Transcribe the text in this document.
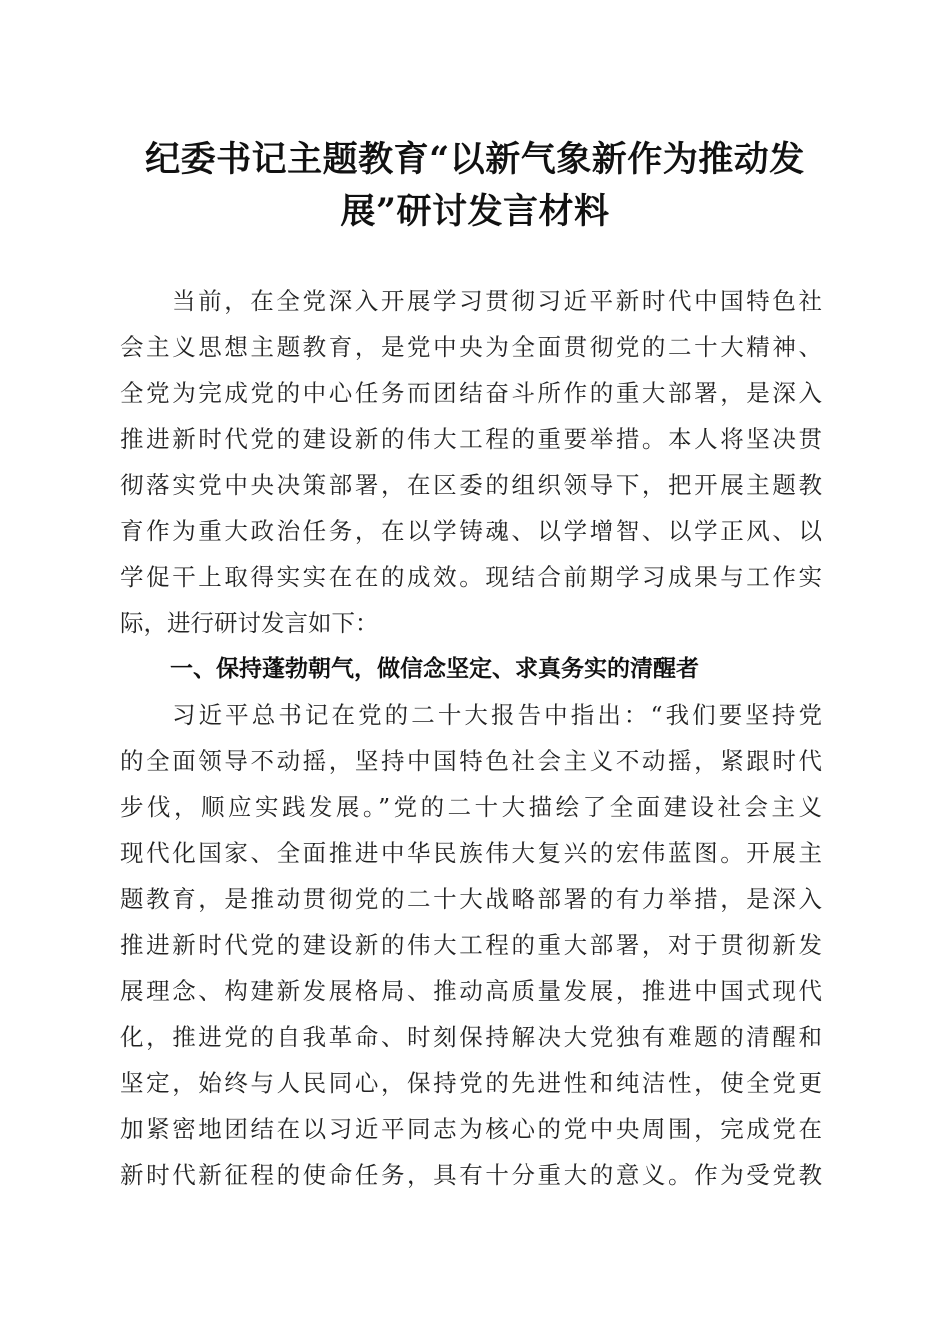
纪委书记主题教育“以新气象新作为推动发
展”研讨发言材料
当前，在全党深入开展学习贯彻习近平新时代中国特色社
会主义思想主题教育，是党中央为全面贯彻党的二十大精神、
全党为完成党的中心任务而团结奋斗所作的重大部署，是深入
推进新时代党的建设新的伟大工程的重要举措。本人将坚决贯
彻落实党中央决策部署，在区委的组织领导下，把开展主题教
育作为重大政治任务，在以学铸魂、以学增智、以学正风、以
学促干上取得实实在在的成效。现结合前期学习成果与工作实
际，进行研讨发言如下：
一、保持蓬勃朝气，做信念坚定、求真务实的清醒者
习近平总书记在党的二十大报告中指出：“我们要坚持党
的全面领导不动摇，坚持中国特色社会主义不动摇，紧跟时代
步伐，顺应实践发展。”党的二十大描绘了全面建设社会主义
现代化国家、全面推进中华民族伟大复兴的宏伟蓝图。开展主
题教育，是推动贯彻党的二十大战略部署的有力举措，是深入
推进新时代党的建设新的伟大工程的重大部署，对于贯彻新发
展理念、构建新发展格局、推动高质量发展，推进中国式现代
化，推进党的自我革命、时刻保持解决大党独有难题的清醒和
坚定，始终与人民同心，保持党的先进性和纯洁性，使全党更
加紧密地团结在以习近平同志为核心的党中央周围，完成党在
新时代新征程的使命任务，具有十分重大的意义。作为受党教
